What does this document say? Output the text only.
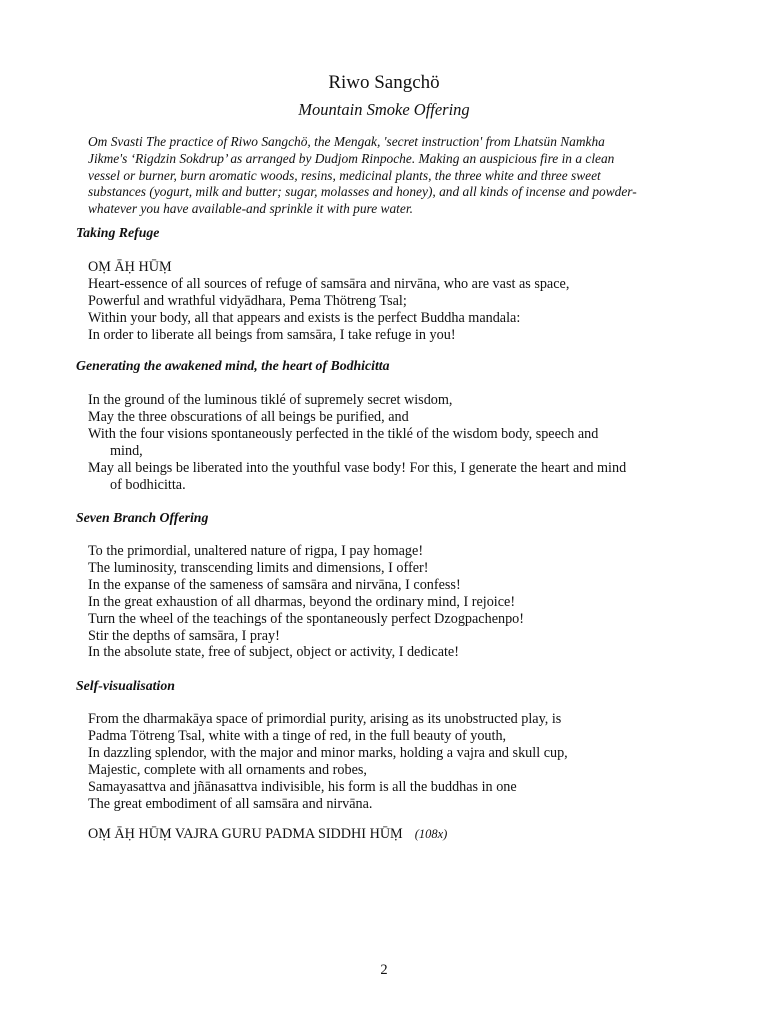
Riwo Sangchö
Mountain Smoke Offering
Om Svasti The practice of Riwo Sangchö, the Mengak, 'secret instruction' from Lhatsün Namkha
Jikme's ‘Rigdzin Sokdrup’ as arranged by Dudjom Rinpoche. Making an auspicious fire in a clean
vessel or burner, burn aromatic woods, resins, medicinal plants, the three white and three sweet
substances (yogurt, milk and butter; sugar, molasses and honey), and all kinds of incense and powder-
whatever you have available-and sprinkle it with pure water.
Taking Refuge
OṂ ĀḤ HŪṂ
Heart-essence of all sources of refuge of samsāra and nirvāna, who are vast as space,
Powerful and wrathful vidyādhara, Pema Thötreng Tsal;
Within your body, all that appears and exists is the perfect Buddha mandala:
In order to liberate all beings from samsāra, I take refuge in you!
Generating the awakened mind, the heart of Bodhicitta
In the ground of the luminous tiklé of supremely secret wisdom,
May the three obscurations of all beings be purified, and
With the four visions spontaneously perfected in the tiklé of the wisdom body, speech and
mind,
May all beings be liberated into the youthful vase body! For this, I generate the heart and mind
of bodhicitta.
Seven Branch Offering
To the primordial, unaltered nature of rigpa, I pay homage!
The luminosity, transcending limits and dimensions, I offer!
In the expanse of the sameness of samsāra and nirvāna, I confess!
In the great exhaustion of all dharmas, beyond the ordinary mind, I rejoice!
Turn the wheel of the teachings of the spontaneously perfect Dzogpachenpo!
Stir the depths of samsāra, I pray!
In the absolute state, free of subject, object or activity, I dedicate!
Self-visualisation
From the dharmakāya space of primordial purity, arising as its unobstructed play, is
Padma Tötreng Tsal, white with a tinge of red, in the full beauty of youth,
In dazzling splendor, with the major and minor marks, holding a vajra and skull cup,
Majestic, complete with all ornaments and robes,
Samayasattva and jñānasattva indivisible, his form is all the buddhas in one
The great embodiment of all samsāra and nirvāna.
OṂ ĀḤ HŪṂ VAJRA GURU PADMA SIDDHI HŪṂ (108x)
2
